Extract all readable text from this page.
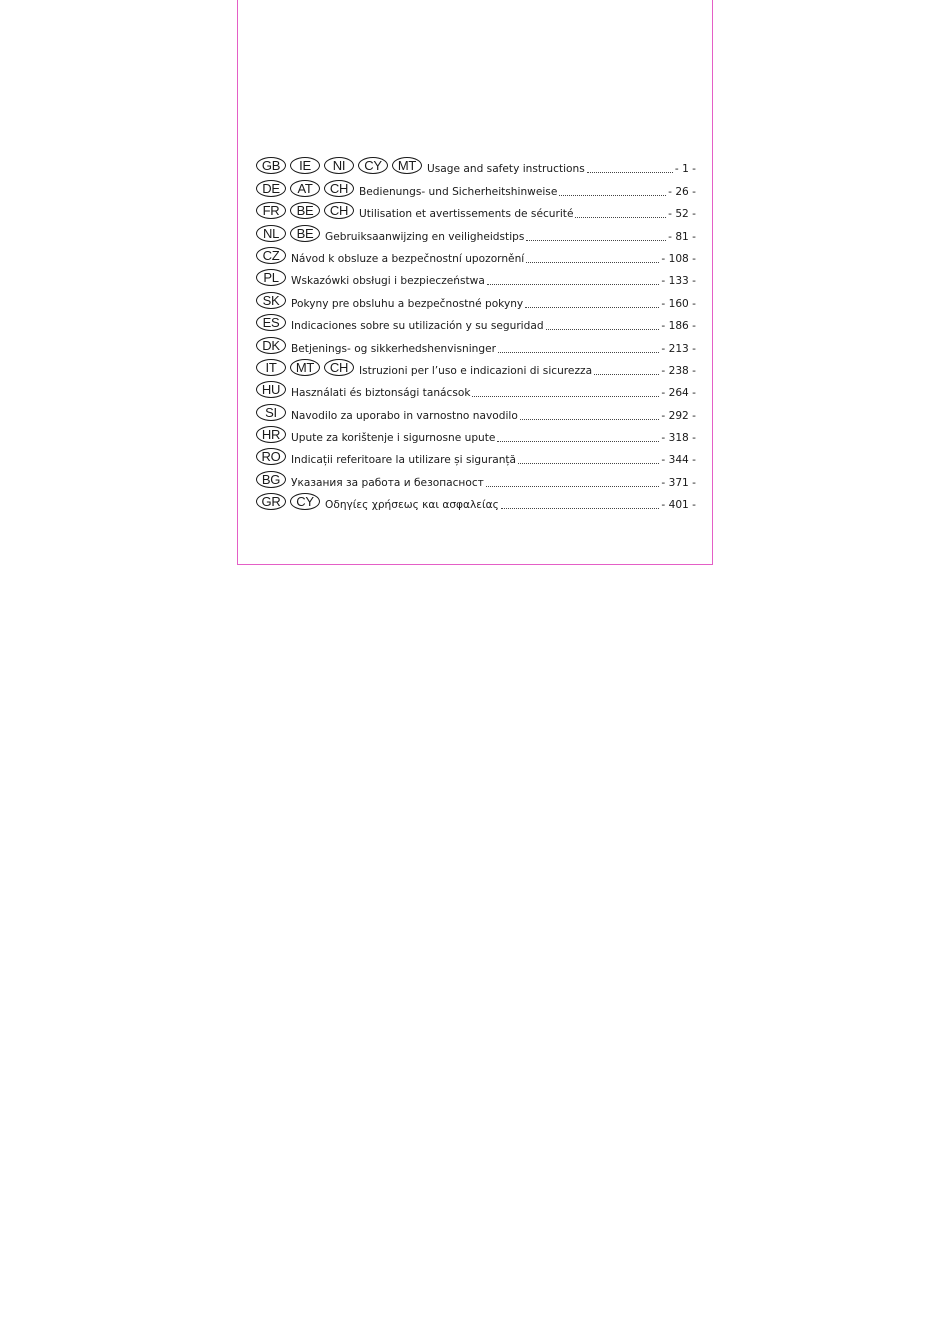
GB	IE	NI	CY	MT	Usage and safety instructions	- 1 -
DE	AT	CH	Bedienungs- und Sicherheitshinweise	- 26 -
FR	BE	CH	Utilisation et avertissements de sécurité	- 52 -
NL	BE	Gebruiksaanwijzing en veiligheidstips	- 81 -
CZ	Návod k obsluze a bezpečnostní upozornění	- 108 -
PL	Wskazówki obsługi i bezpieczeństwa	- 133 -
SK	Pokyny pre obsluhu a bezpečnostné pokyny	- 160 -
ES	Indicaciones sobre su utilización y su seguridad	- 186 -
DK	Betjenings- og sikkerhedshenvisninger	- 213 -
IT	MT	CH	Istruzioni per l’uso e indicazioni di sicurezza	- 238 -
HU	Használati és biztonsági tanácsok	- 264 -
SI	Navodilo za uporabo in varnostno navodilo	- 292 -
HR	Upute za korištenje i sigurnosne upute	- 318 -
RO Indicații referitoare la utilizare și siguranță	- 344 -
BG	Указания за работа и безопасност	- 371 -
GR	CY	Οδηγίες χρήσεως και ασφαλείας	- 401 -
